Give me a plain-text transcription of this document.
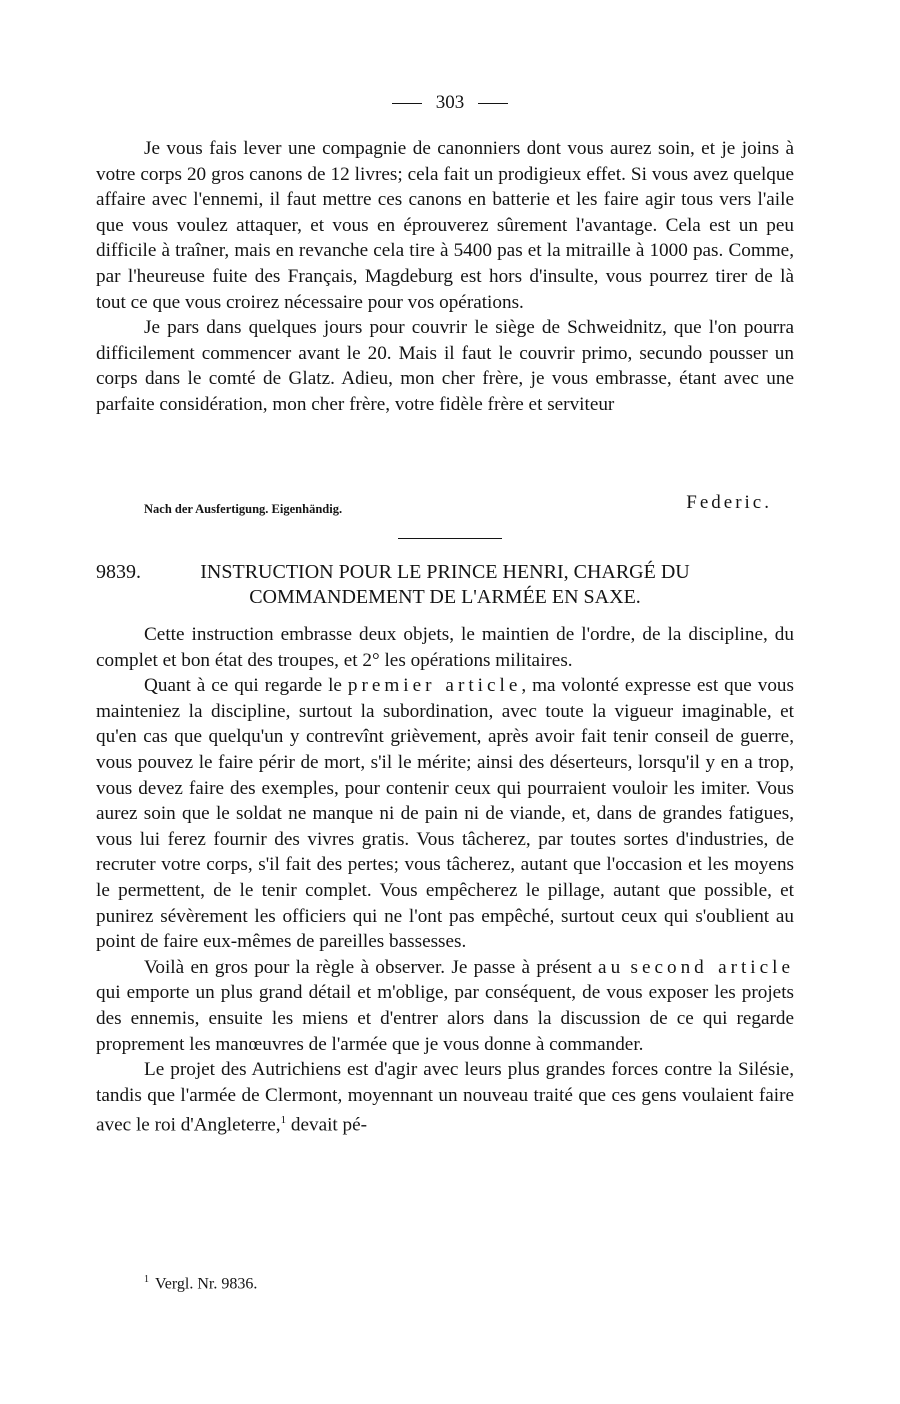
303

Je vous fais lever une compagnie de canonniers dont vous aurez soin, et je joins à votre corps 20 gros canons de 12 livres; cela fait un prodigieux effet. Si vous avez quelque affaire avec l'ennemi, il faut mettre ces canons en batterie et les faire agir tous vers l'aile que vous voulez attaquer, et vous en éprouverez sûrement l'avantage. Cela est un peu difficile à traîner, mais en revanche cela tire à 5400 pas et la mitraille à 1000 pas. Comme, par l'heureuse fuite des Français, Magdeburg est hors d'insulte, vous pourrez tirer de là tout ce que vous croirez nécessaire pour vos opérations.

Je pars dans quelques jours pour couvrir le siège de Schweidnitz, que l'on pourra difficilement commencer avant le 20. Mais il faut le couvrir primo, secundo pousser un corps dans le comté de Glatz. Adieu, mon cher frère, je vous embrasse, étant avec une parfaite considération, mon cher frère, votre fidèle frère et serviteur

Nach der Ausfertigung. Eigenhändig.	Federic.
9839.	INSTRUCTION POUR LE PRINCE HENRI, CHARGÉ DU
COMMANDEMENT DE L'ARMÉE EN SAXE.

Cette instruction embrasse deux objets, le maintien de l'ordre, de la discipline, du complet et bon état des troupes, et 2° les opérations militaires.

Quant à ce qui regarde le premier article, ma volonté expresse est que vous mainteniez la discipline, surtout la subordination, avec toute la vigueur imaginable, et qu'en cas que quelqu'un y contrevînt grièvement, après avoir fait tenir conseil de guerre, vous pouvez le faire périr de mort, s'il le mérite; ainsi des déserteurs, lorsqu'il y en a trop, vous devez faire des exemples, pour contenir ceux qui pourraient vouloir les imiter. Vous aurez soin que le soldat ne manque ni de pain ni de viande, et, dans de grandes fatigues, vous lui ferez fournir des vivres gratis. Vous tâcherez, par toutes sortes d'industries, de recruter votre corps, s'il fait des pertes; vous tâcherez, autant que l'occasion et les moyens le permettent, de le tenir complet. Vous empêcherez le pillage, autant que possible, et punirez sévèrement les officiers qui ne l'ont pas empêché, surtout ceux qui s'oublient au point de faire eux-mêmes de pareilles bassesses.

Voilà en gros pour la règle à observer. Je passe à présent au second article qui emporte un plus grand détail et m'oblige, par conséquent, de vous exposer les projets des ennemis, ensuite les miens et d'entrer alors dans la discussion de ce qui regarde proprement les manœuvres de l'armée que je vous donne à commander.

Le projet des Autrichiens est d'agir avec leurs plus grandes forces contre la Silésie, tandis que l'armée de Clermont, moyennant un nouveau traité que ces gens voulaient faire avec le roi d'Angleterre,$^1$ devait pé-

$^1$ Vergl. Nr. 9836.
